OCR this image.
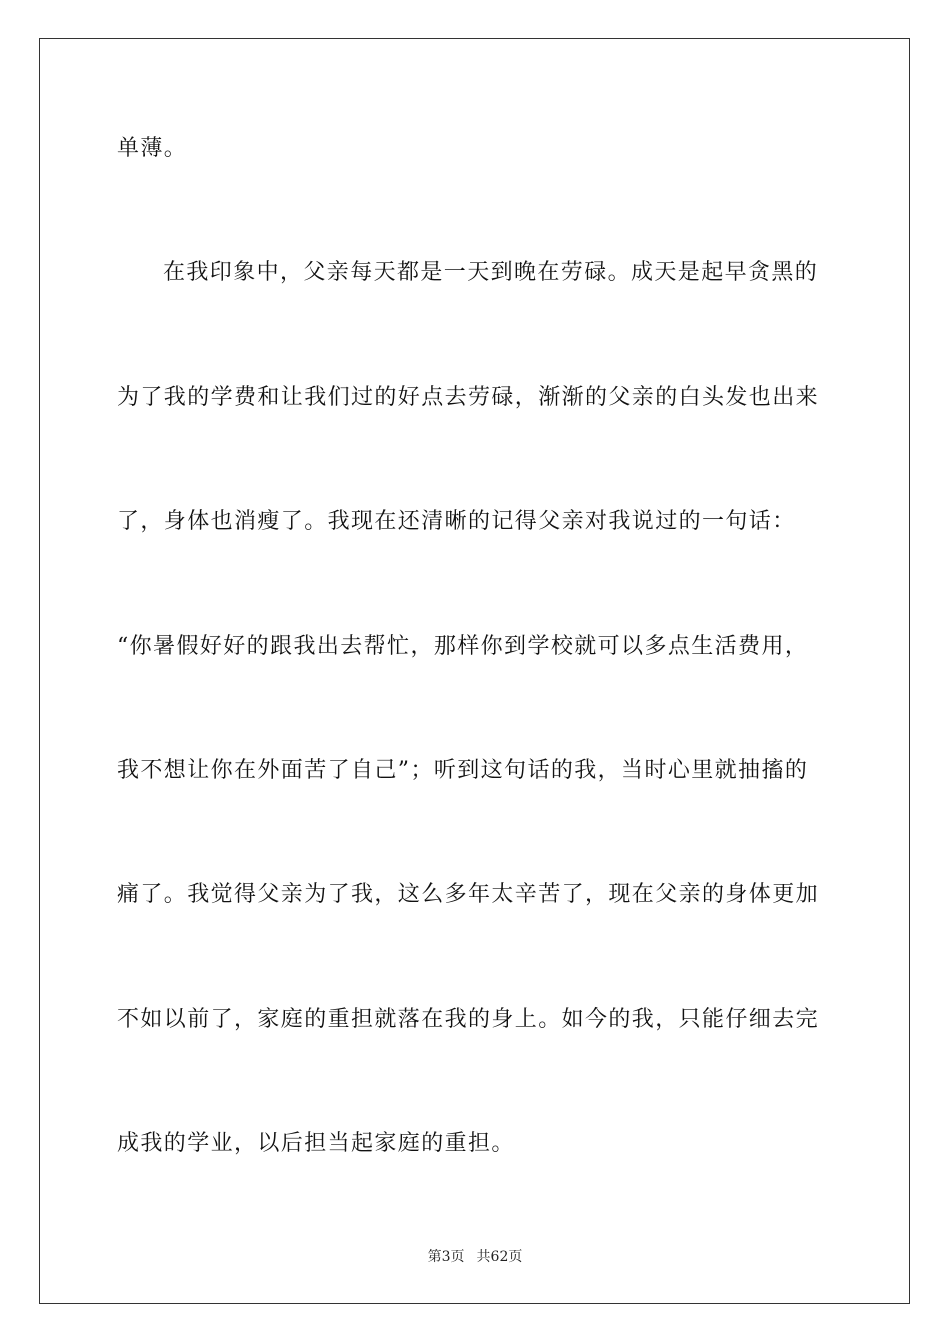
单薄。

在我印象中，父亲每天都是一天到晚在劳碌。成天是起早贪黑的

为了我的学费和让我们过的好点去劳碌，渐渐的父亲的白头发也出来

了，身体也消瘦了。我现在还清晰的记得父亲对我说过的一句话：

“你暑假好好的跟我出去帮忙，那样你到学校就可以多点生活费用，

我不想让你在外面苦了自己”；听到这句话的我，当时心里就抽搐的

痛了。我觉得父亲为了我，这么多年太辛苦了，现在父亲的身体更加

不如以前了，家庭的重担就落在我的身上。如今的我，只能仔细去完

成我的学业，以后担当起家庭的重担。

第3页 共62页
